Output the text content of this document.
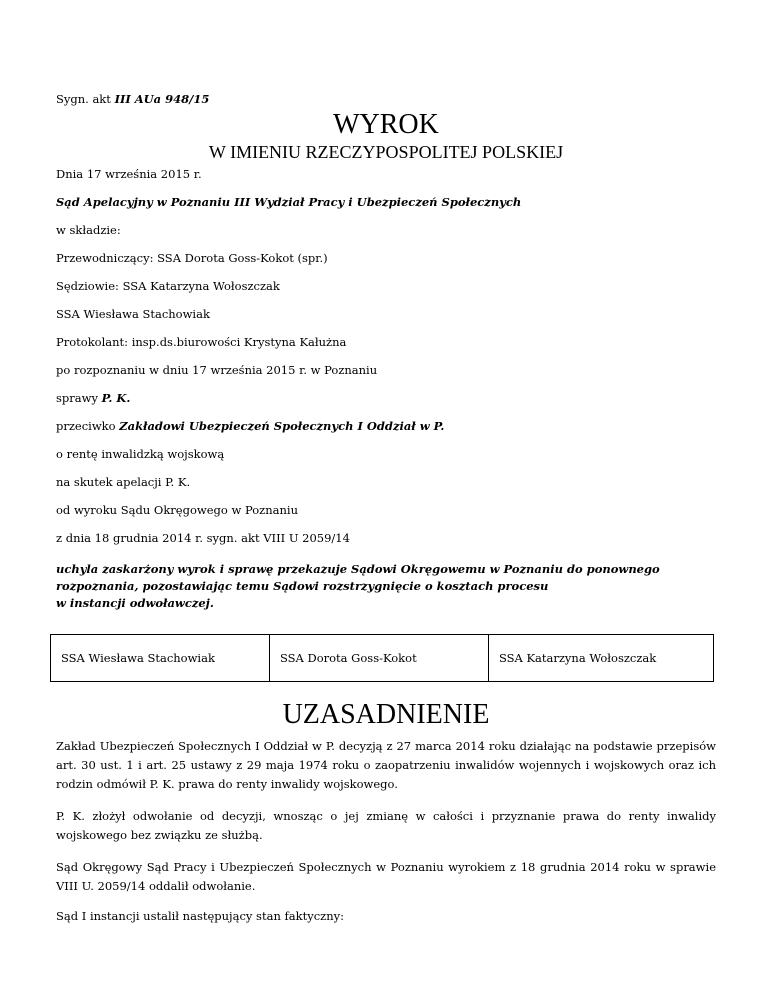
Sygn. akt III AUa 948/15
WYROK
W IMIENIU RZECZYPOSPOLITEJ POLSKIEJ
Dnia 17 września 2015 r.
Sąd Apelacyjny w Poznaniu III Wydział Pracy i Ubezpieczeń Społecznych
w składzie:
Przewodniczący: SSA Dorota Goss-Kokot (spr.)
Sędziowie: SSA Katarzyna Wołoszczak
SSA Wiesława Stachowiak
Protokolant: insp.ds.biurowości Krystyna Kałużna
po rozpoznaniu w dniu 17 września 2015 r. w Poznaniu
sprawy P. K.
przeciwko Zakładowi Ubezpieczeń Społecznych I Oddział w P.
o rentę inwalidzką wojskową
na skutek apelacji P. K.
od wyroku Sądu Okręgowego w Poznaniu
z dnia 18 grudnia 2014 r. sygn. akt VIII U 2059/14
uchyla zaskarżony wyrok i sprawę przekazuje Sądowi Okręgowemu w Poznaniu do ponownego
rozpoznania, pozostawiając temu Sądowi rozstrzygnięcie o kosztach procesu
w instancji odwoławczej.
SSA Wiesława Stachowiak	SSA Dorota Goss-Kokot	SSA Katarzyna Wołoszczak
UZASADNIENIE
Zakład Ubezpieczeń Społecznych I Oddział w P. decyzją z 27 marca 2014 roku działając na podstawie przepisów art. 30 ust. 1 i art. 25 ustawy z 29 maja 1974 roku o zaopatrzeniu inwalidów wojennych i wojskowych oraz ich rodzin odmówił P. K. prawa do renty inwalidy wojskowego.
P. K. złożył odwołanie od decyzji, wnosząc o jej zmianę w całości i przyznanie prawa do renty inwalidy wojskowego bez związku ze służbą.
Sąd Okręgowy Sąd Pracy i Ubezpieczeń Społecznych w Poznaniu wyrokiem z 18 grudnia 2014 roku w sprawie VIII U. 2059/14 oddalił odwołanie.
Sąd I instancji ustalił następujący stan faktyczny:
